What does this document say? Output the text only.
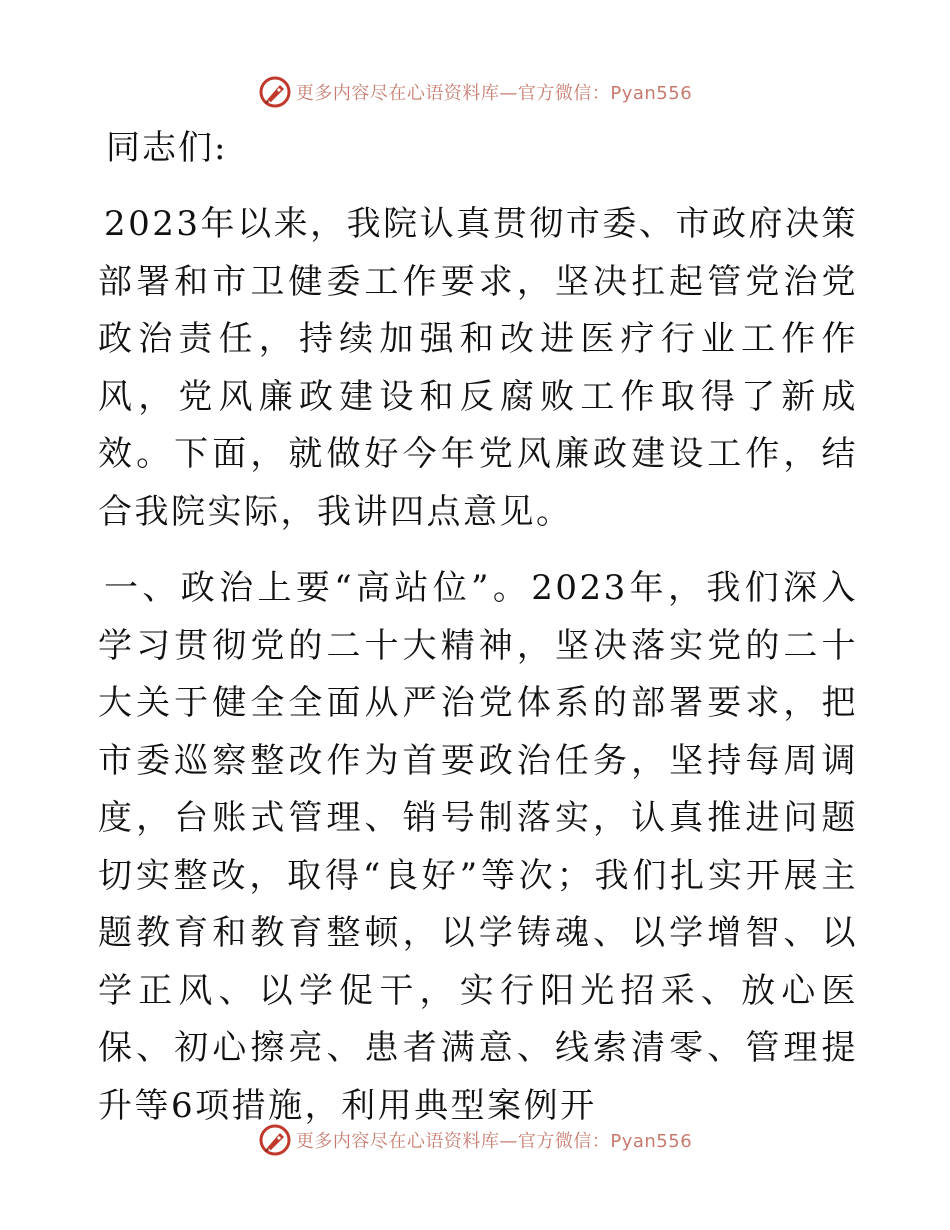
更多内容尽在心语资料库—官方微信：Pyan556
同志们:

2023年以来，我院认真贯彻市委、市政府决策部署和市卫健委工作要求，坚决扛起管党治党政治责任，持续加强和改进医疗行业工作作风，党风廉政建设和反腐败工作取得了新成效。下面，就做好今年党风廉政建设工作，结合我院实际，我讲四点意见。

一、政治上要“高站位”。2023年，我们深入学习贯彻党的二十大精神，坚决落实党的二十大关于健全全面从严治党体系的部署要求，把市委巡察整改作为首要政治任务，坚持每周调度，台账式管理、销号制落实，认真推进问题切实整改，取得“良好”等次；我们扎实开展主题教育和教育整顿，以学铸魂、以学增智、以学正风、以学促干，实行阳光招采、放心医保、初心擦亮、患者满意、线索清零、管理提升等6项措施，利用典型案例开

更多内容尽在心语资料库—官方微信：Pyan556
